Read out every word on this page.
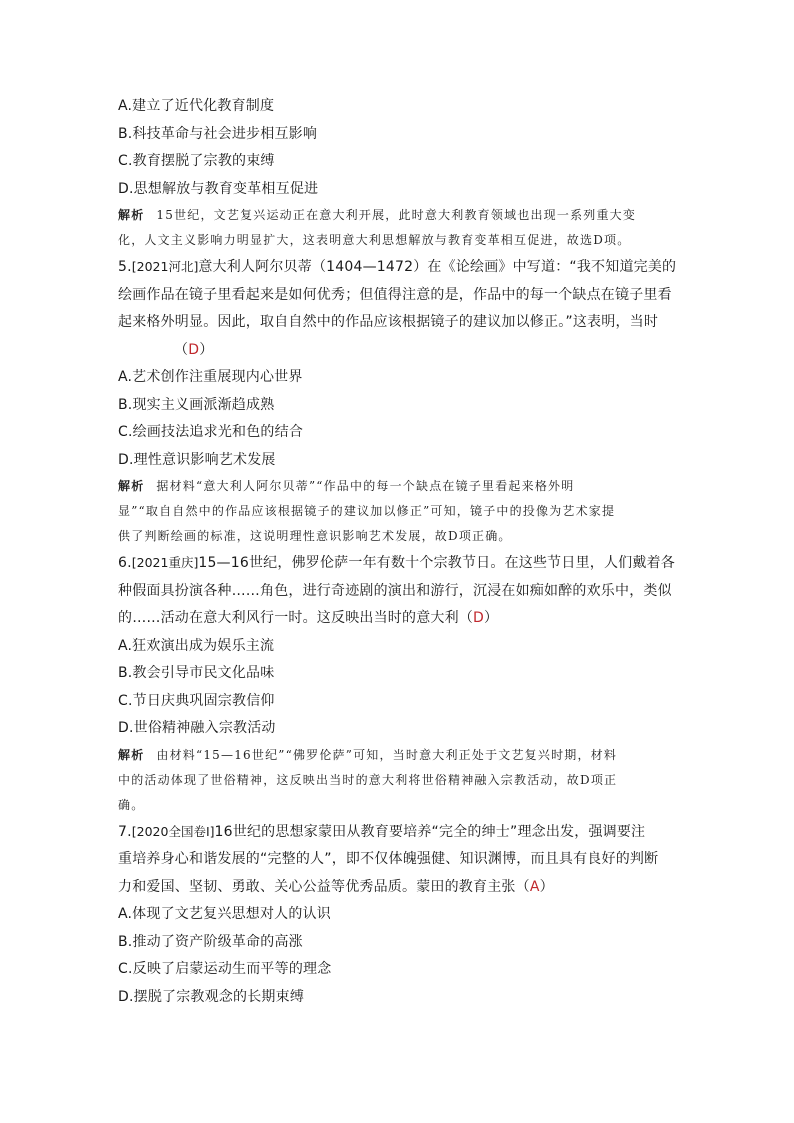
A.建立了近代化教育制度
B.科技革命与社会进步相互影响
C.教育摆脱了宗教的束缚
D.思想解放与教育变革相互促进
解析 15世纪，文艺复兴运动正在意大利开展，此时意大利教育领域也出现一系列重大变
化，人文主义影响力明显扩大，这表明意大利思想解放与教育变革相互促进，故选D项。
5.[2021河北]意大利人阿尔贝蒂（1404—1472）在《论绘画》中写道：“我不知道完美的
绘画作品在镜子里看起来是如何优秀；但值得注意的是，作品中的每一个缺点在镜子里看
起来格外明显。因此，取自自然中的作品应该根据镜子的建议加以修正。”这表明，当时
（D）
A.艺术创作注重展现内心世界
B.现实主义画派渐趋成熟
C.绘画技法追求光和色的结合
D.理性意识影响艺术发展
解析 据材料“意大利人阿尔贝蒂”“作品中的每一个缺点在镜子里看起来格外明
显”“取自自然中的作品应该根据镜子的建议加以修正”可知，镜子中的投像为艺术家提
供了判断绘画的标准，这说明理性意识影响艺术发展，故D项正确。
6.[2021重庆]15—16世纪，佛罗伦萨一年有数十个宗教节日。在这些节日里，人们戴着各
种假面具扮演各种……角色，进行奇迹剧的演出和游行，沉浸在如痴如醉的欢乐中，类似
的……活动在意大利风行一时。这反映出当时的意大利（D）
A.狂欢演出成为娱乐主流
B.教会引导市民文化品味
C.节日庆典巩固宗教信仰
D.世俗精神融入宗教活动
解析 由材料“15—16世纪”“佛罗伦萨”可知，当时意大利正处于文艺复兴时期，材料
中的活动体现了世俗精神，这反映出当时的意大利将世俗精神融入宗教活动，故D项正
确。
7.[2020全国卷Ⅰ]16世纪的思想家蒙田从教育要培养“完全的绅士”理念出发，强调要注
重培养身心和谐发展的“完整的人”，即不仅体魄强健、知识渊博，而且具有良好的判断
力和爱国、坚韧、勇敢、关心公益等优秀品质。蒙田的教育主张（A）
A.体现了文艺复兴思想对人的认识
B.推动了资产阶级革命的高涨
C.反映了启蒙运动生而平等的理念
D.摆脱了宗教观念的长期束缚
